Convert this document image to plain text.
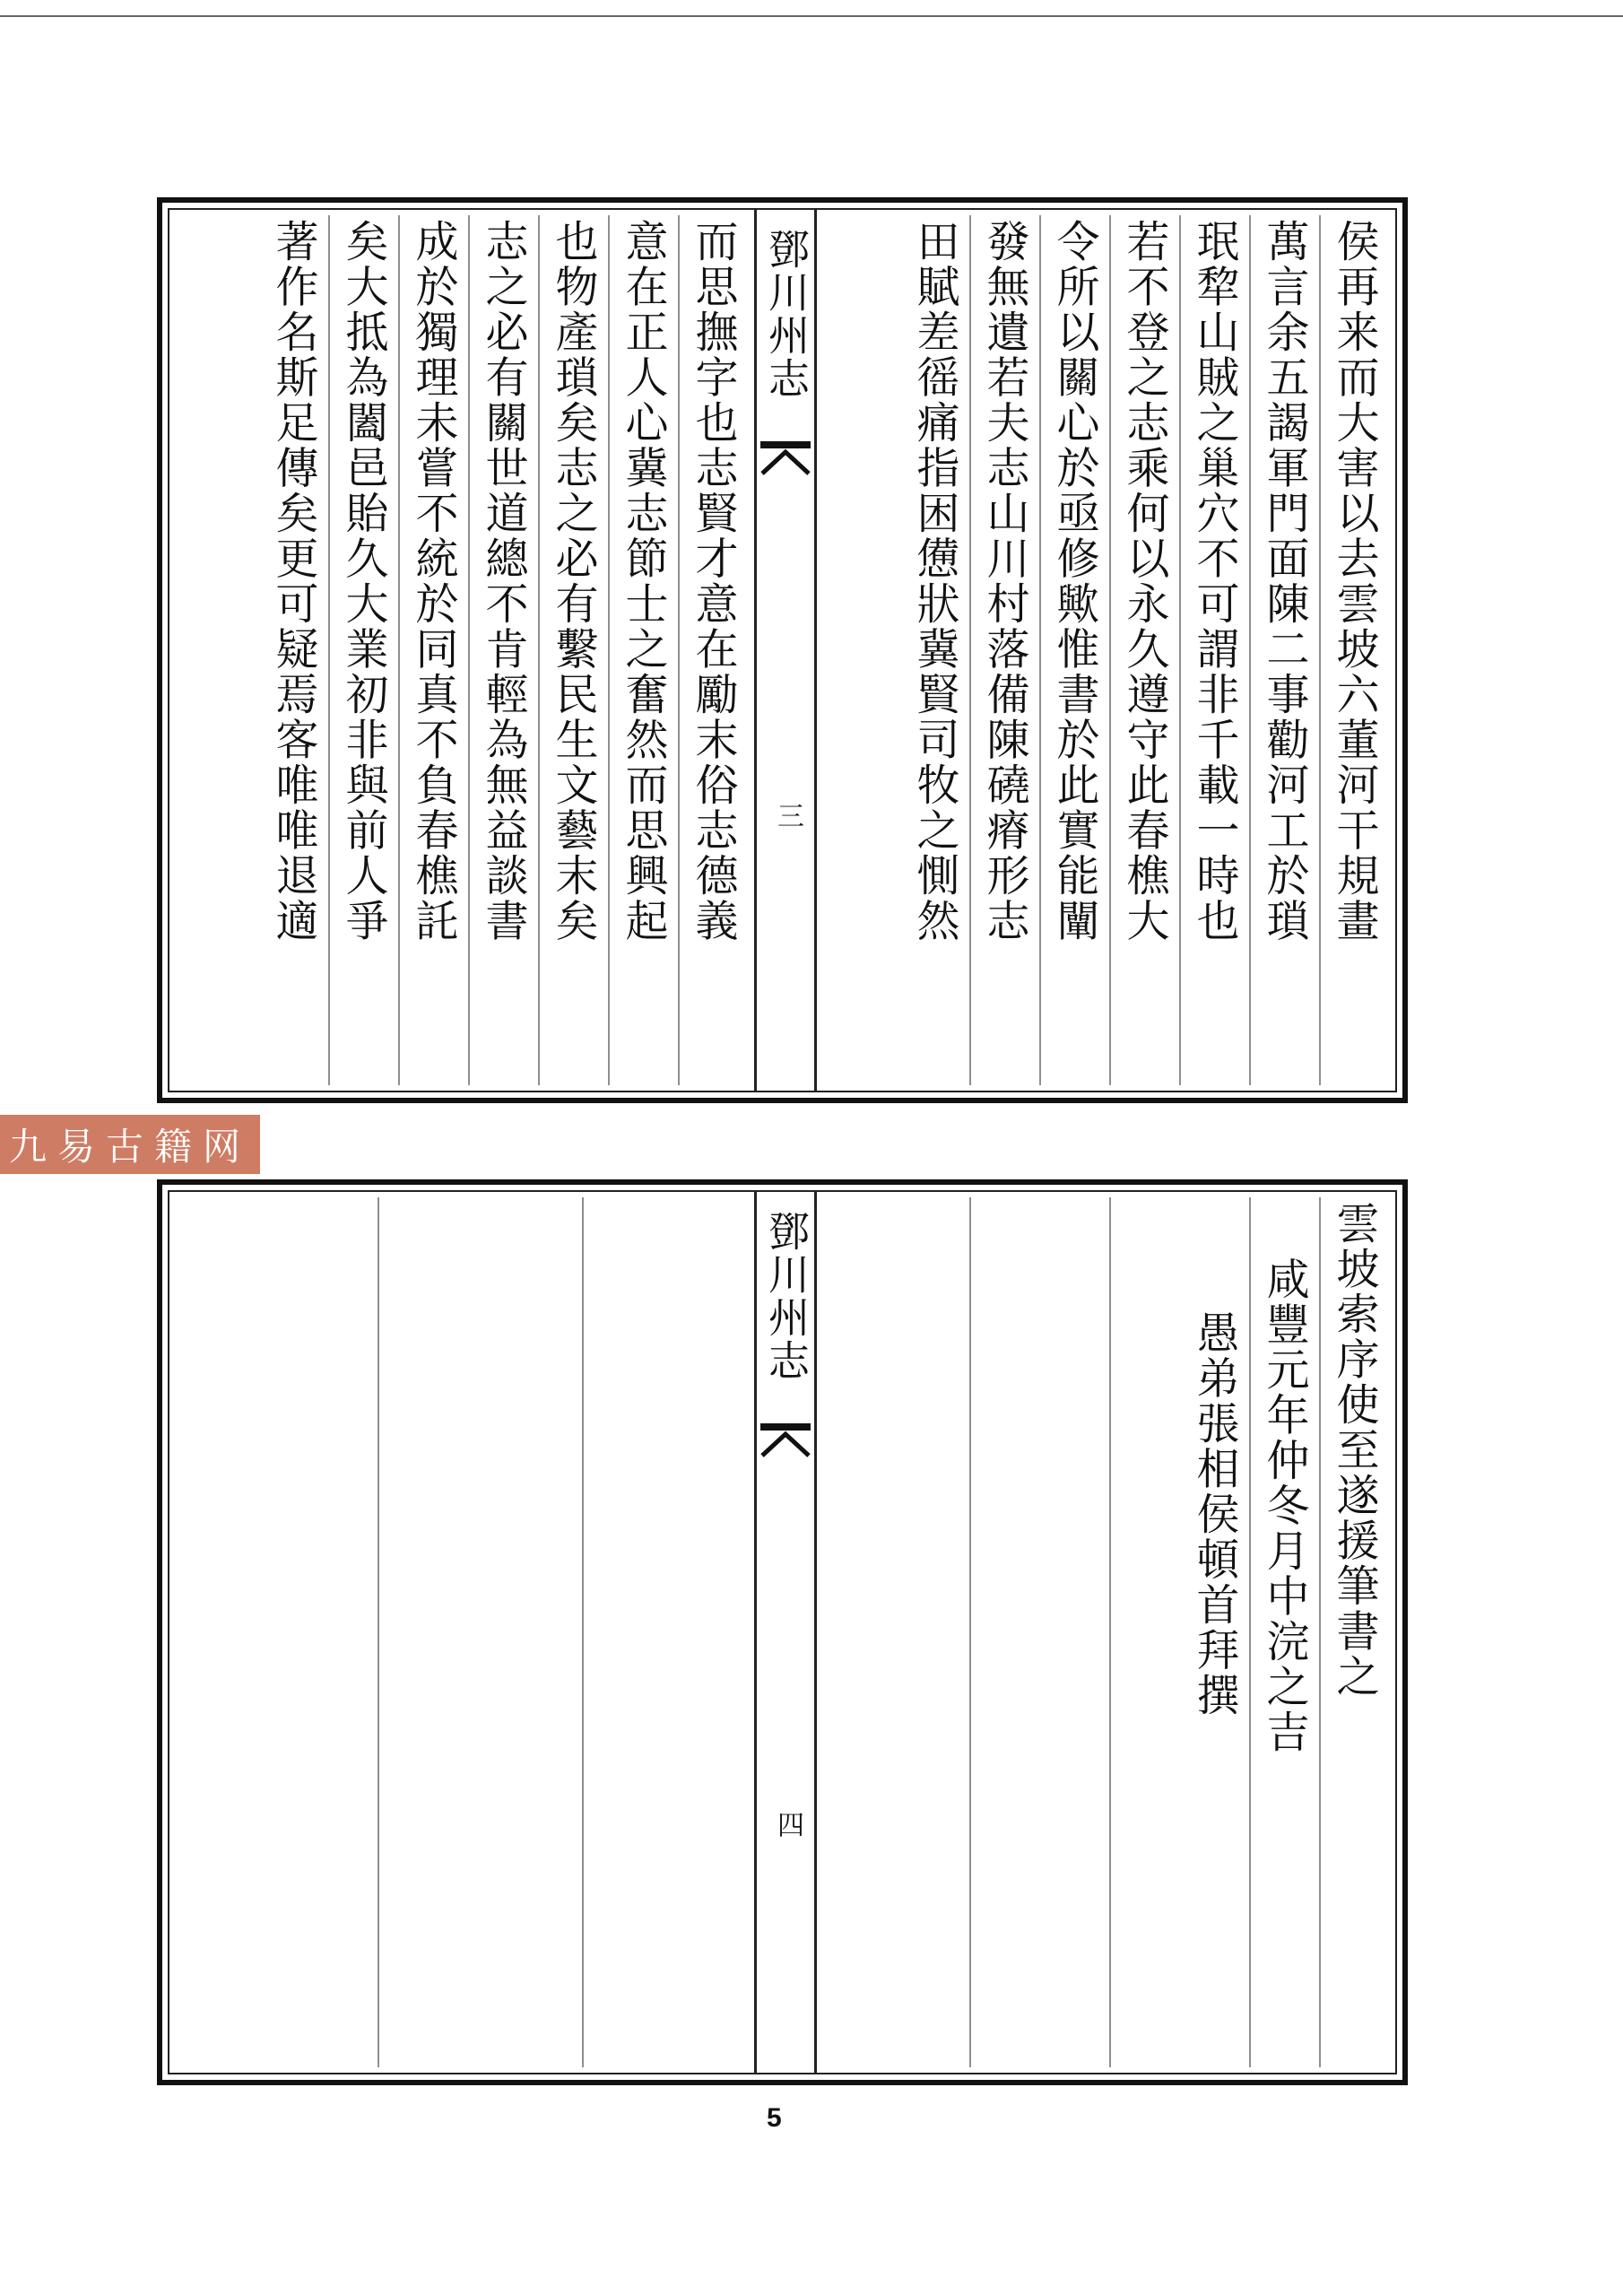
侯再来而大害以去雲坡六董河干規畫
萬言余五謁軍門面陳二事勸河工於瑣
珉犂山賊之巢穴不可謂非千載一時也
若不登之志乘何以永久遵守此春樵大
令所以關心於亟修歟惟書於此實能闡
發無遺若夫志山川村落備陳磽瘠形志
田賦差徭痛指困憊狀冀賢司牧之惻然
鄧川州志
三
而思撫字也志賢才意在勵末俗志德義
意在正人心冀志節士之奮然而思興起
也物產瑣矣志之必有繫民生文藝末矣
志之必有關世道總不肯輕為無益談書
成於獨理未嘗不統於同真不負春樵託
矣大抵為闔邑貽久大業初非與前人爭
著作名斯足傳矣更可疑焉客唯唯退適
九易古籍网
雲坡索序使至遂援筆書之
咸豐元年仲冬月中浣之吉
愚弟張相侯頓首拜撰
鄧川州志
四
5
